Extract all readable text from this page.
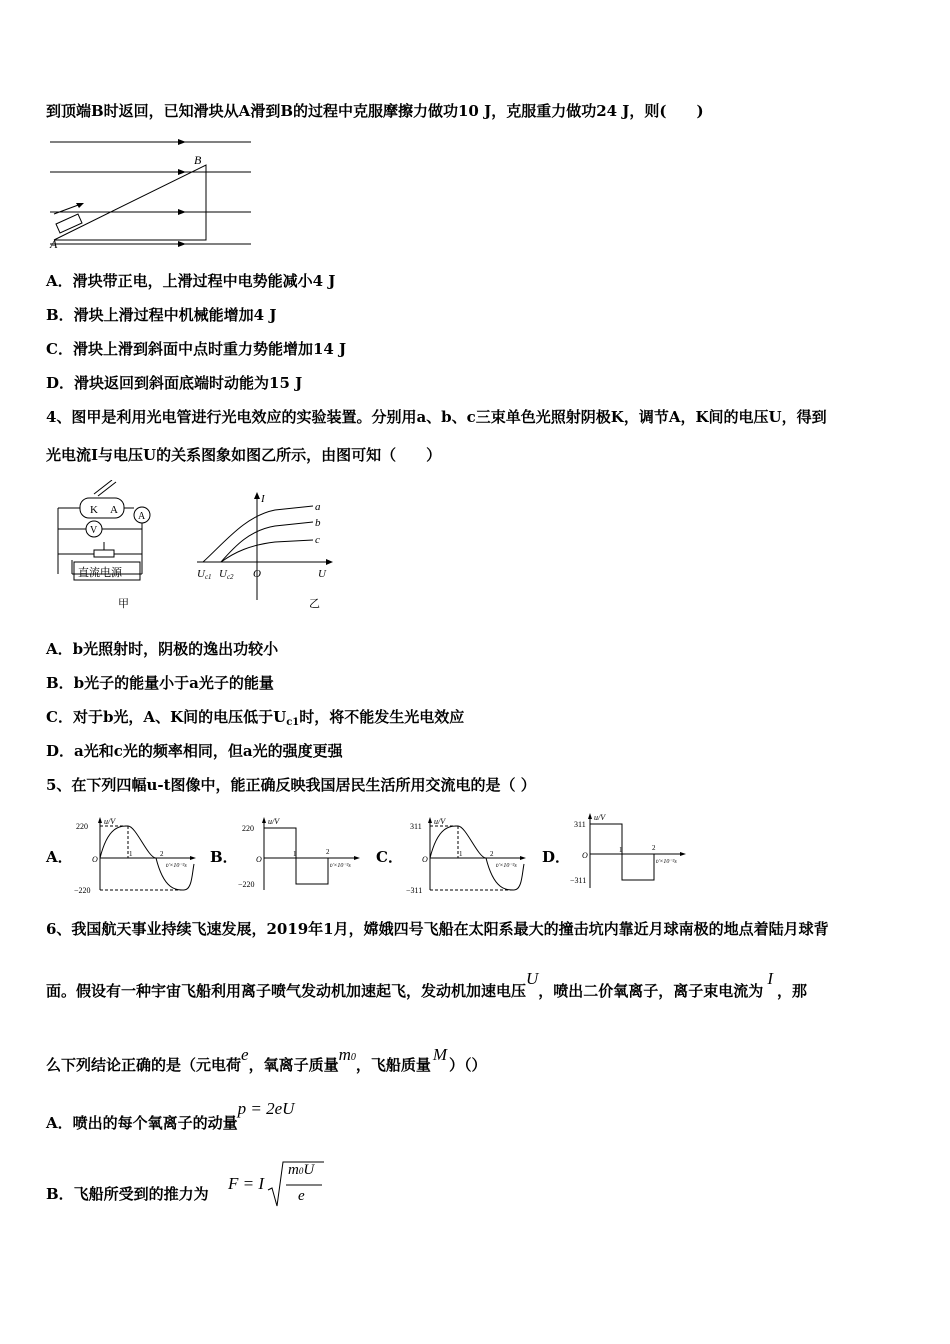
到顶端B时返回，已知滑块从A滑到B的过程中克服摩擦力做功10 J，克服重力做功24 J，则(　　)
B
A
A．滑块带正电，上滑过程中电势能减小4 J
B．滑块上滑过程中机械能增加4 J
C．滑块上滑到斜面中点时重力势能增加14 J
D．滑块返回到斜面底端时动能为15 J
4、图甲是利用光电管进行光电效应的实验装置。分别用a、b、c三束单色光照射阴极K，调节A，K间的电压U，得到
光电流I与电压U的关系图象如图乙所示，由图可知（　　）
K A
A
V
直流电源
甲
I
a
b
c
O	U
Uc1 Uc2
乙
A．b光照射时，阴极的逸出功较小
B．b光子的能量小于a光子的能量
C．对于b光，A、K间的电压低于$U_{c1}$时，将不能发生光电效应
D．a光和c光的频率相同，但a光的强度更强
5、在下列四幅u-t图像中，能正确反映我国居民生活所用交流电的是（ ）
A．
u/V
220
−220
O
1	2
t/×10⁻²s B．
u/V
220
−220
O
1	2
t/×10⁻²s C．
u/V
311
−311
O
1	2
t/×10⁻²s D．
u/V
311
−311
O
1	2
t/×10⁻²s
6、我国航天事业持续飞速发展，2019年1月，嫦娥四号飞船在太阳系最大的撞击坑内靠近月球南极的地点着陆月球背
面。假设有一种宇宙飞船利用离子喷气发动机加速起飞，发动机加速电压U，喷出二价氧离子，离子束电流为I，那
么下列结论正确的是（元电荷e，氧离子质量m0，飞船质量M）（）
A．喷出的每个氧离子的动量p = 2eU
B．飞船所受到的推力为
F = I
m0U
e
